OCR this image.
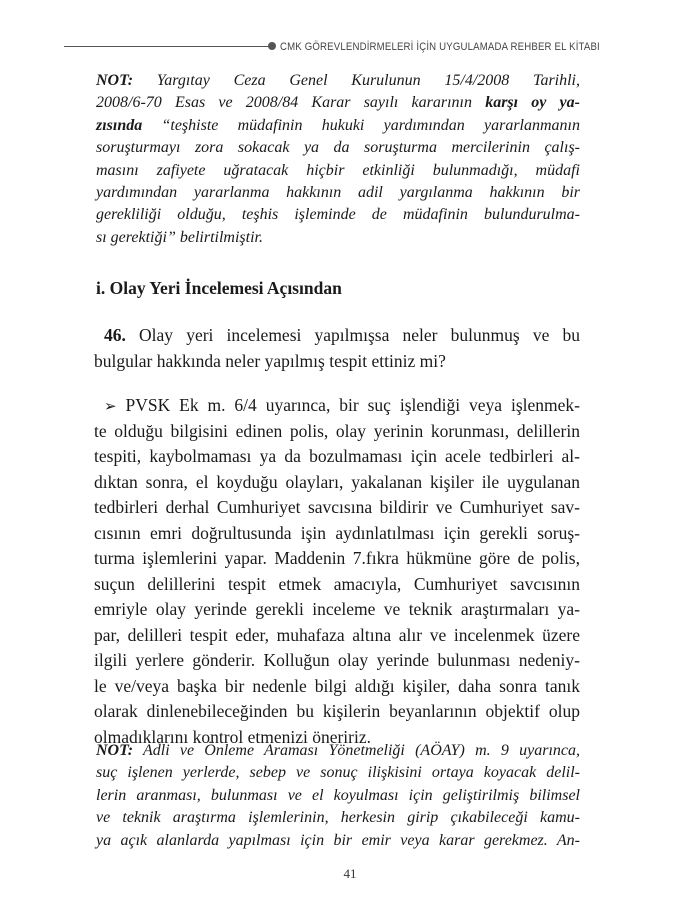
CMK GÖREVLENDİRMELERİ İÇİN UYGULAMADA REHBER EL KİTABI
NOT: Yargıtay Ceza Genel Kurulunun 15/4/2008 Tarihli,
2008/6-70 Esas ve 2008/84 Karar sayılı kararının karşı oy ya-
zısında “teşhiste müdafinin hukuki yardımından yararlanmanın
soruşturmayı zora sokacak ya da soruşturma mercilerinin çalış-
masını zafiyete uğratacak hiçbir etkinliği bulunmadığı, müdafi
yardımından yararlanma hakkının adil yargılanma hakkının bir
gerekliliği olduğu, teşhis işleminde de müdafinin bulundurulma-
sı gerektiği” belirtilmiştir.
i. Olay Yeri İncelemesi Açısından
46. Olay yeri incelemesi yapılmışsa neler bulunmuş ve bu
bulgular hakkında neler yapılmış tespit ettiniz mi?
➢ PVSK Ek m. 6/4 uyarınca, bir suç işlendiği veya işlenmek-
te olduğu bilgisini edinen polis, olay yerinin korunması, delillerin
tespiti, kaybolmaması ya da bozulmaması için acele tedbirleri al-
dıktan sonra, el koyduğu olayları, yakalanan kişiler ile uygulanan
tedbirleri derhal Cumhuriyet savcısına bildirir ve Cumhuriyet sav-
cısının emri doğrultusunda işin aydınlatılması için gerekli soruş-
turma işlemlerini yapar. Maddenin 7.fıkra hükmüne göre de polis,
suçun delillerini tespit etmek amacıyla, Cumhuriyet savcısının
emriyle olay yerinde gerekli inceleme ve teknik araştırmaları ya-
par, delilleri tespit eder, muhafaza altına alır ve incelenmek üzere
ilgili yerlere gönderir. Kolluğun olay yerinde bulunması nedeniy-
le ve/veya başka bir nedenle bilgi aldığı kişiler, daha sonra tanık
olarak dinlenebileceğinden bu kişilerin beyanlarının objektif olup
olmadıklarını kontrol etmenizi öneririz.
NOT: Adli ve Önleme Araması Yönetmeliği (AÖAY) m. 9 uyarınca,
suç işlenen yerlerde, sebep ve sonuç ilişkisini ortaya koyacak delil-
lerin aranması, bulunması ve el koyulması için geliştirilmiş bilimsel
ve teknik araştırma işlemlerinin, herkesin girip çıkabileceği kamu-
ya açık alanlarda yapılması için bir emir veya karar gerekmez. An-
41
